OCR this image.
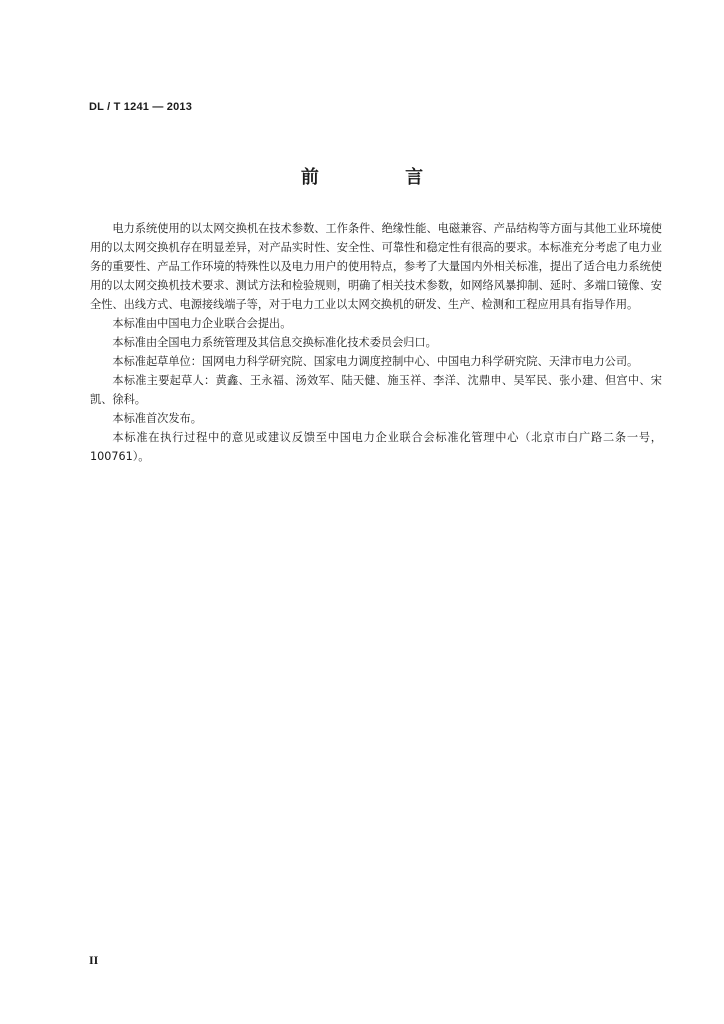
DL / T 1241 — 2013
前 言

电力系统使用的以太网交换机在技术参数、工作条件、绝缘性能、电磁兼容、产品结构等方面与其他工业环境使用的以太网交换机存在明显差异，对产品实时性、安全性、可靠性和稳定性有很高的要求。本标准充分考虑了电力业务的重要性、产品工作环境的特殊性以及电力用户的使用特点，参考了大量国内外相关标准，提出了适合电力系统使用的以太网交换机技术要求、测试方法和检验规则，明确了相关技术参数，如网络风暴抑制、延时、多端口镜像、安全性、出线方式、电源接线端子等，对于电力工业以太网交换机的研发、生产、检测和工程应用具有指导作用。

本标准由中国电力企业联合会提出。

本标准由全国电力系统管理及其信息交换标准化技术委员会归口。

本标准起草单位：国网电力科学研究院、国家电力调度控制中心、中国电力科学研究院、天津市电力公司。

本标准主要起草人：黄鑫、王永福、汤效军、陆天健、施玉祥、李洋、沈鼎申、吴军民、张小建、但宫中、宋凯、徐科。

本标准首次发布。

本标准在执行过程中的意见或建议反馈至中国电力企业联合会标准化管理中心（北京市白广路二条一号，100761）。

II
